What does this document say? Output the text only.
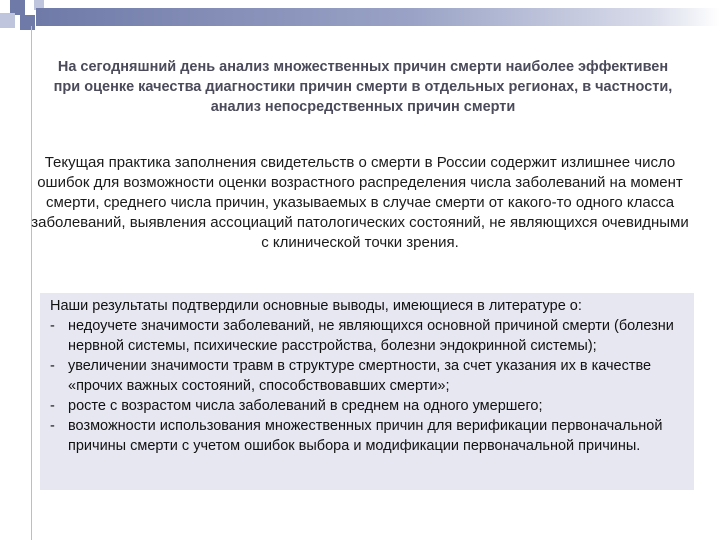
На сегодняшний день анализ множественных причин смерти наиболее эффективен при оценке качества диагностики причин смерти в отдельных регионах, в частности, анализ непосредственных причин смерти
Текущая практика заполнения свидетельств о смерти в России содержит излишнее число ошибок для возможности оценки возрастного распределения числа заболеваний на момент смерти, среднего числа причин, указываемых в случае смерти от какого-то одного класса заболеваний, выявления ассоциаций патологических состояний, не являющихся очевидными с клинической точки зрения.

Наши результаты подтвердили основные выводы, имеющиеся в литературе о:

- недоучете значимости заболеваний, не являющихся основной причиной смерти (болезни нервной системы, психические расстройства, болезни эндокринной системы);
- увеличении значимости травм в структуре смертности, за счет указания их в качестве «прочих важных состояний, способствовавших смерти»;
- росте с возрастом числа заболеваний в среднем на одного умершего;
- возможности использования множественных причин для верификации первоначальной причины смерти с учетом ошибок выбора и модификации первоначальной причины.
